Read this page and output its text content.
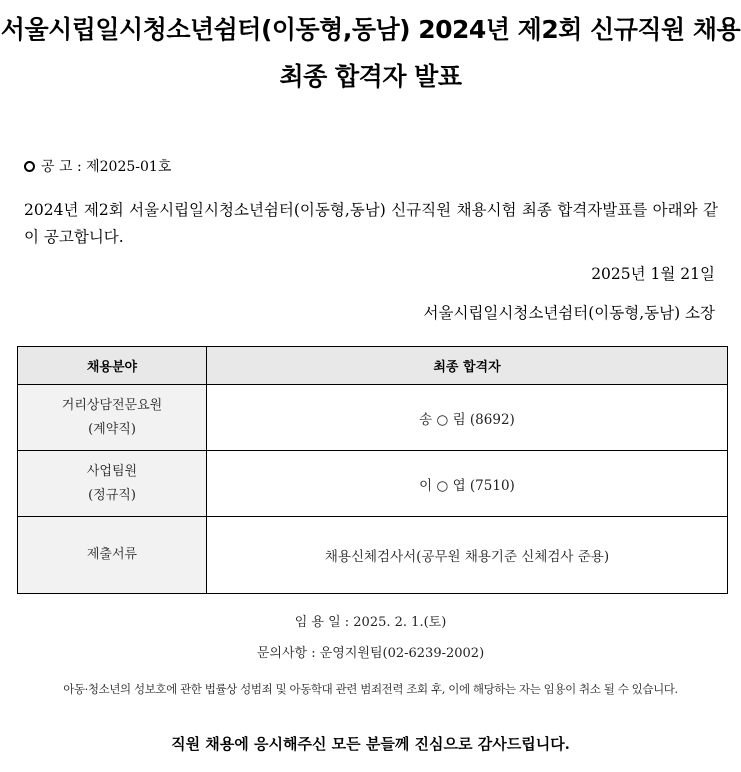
서울시립일시청소년쉼터(이동형,동남) 2024년 제2회 신규직원 채용
최종 합격자 발표
공 고 : 제2025-01호
2024년 제2회 서울시립일시청소년쉼터(이동형,동남) 신규직원 채용시험 최종 합격자발표를 아래와 같이 공고합니다.
2025년 1월 21일
서울시립일시청소년쉼터(이동형,동남) 소장
채용분야	최종 합격자

거리상담전문요원
(계약직)	송 ○ 림 (8692)

사업팀원
(정규직)	이 ○ 엽 (7510)

제출서류	채용신체검사서(공무원 채용기준 신체검사 준용)
임 용 일 : 2025. 2. 1.(토)
문의사항 : 운영지원팀(02-6239-2002)
아동·청소년의 성보호에 관한 법률상 성범죄 및 아동학대 관련 범죄전력 조회 후, 이에 해당하는 자는 임용이 취소 될 수 있습니다.
직원 채용에 응시해주신 모든 분들께 진심으로 감사드립니다.
